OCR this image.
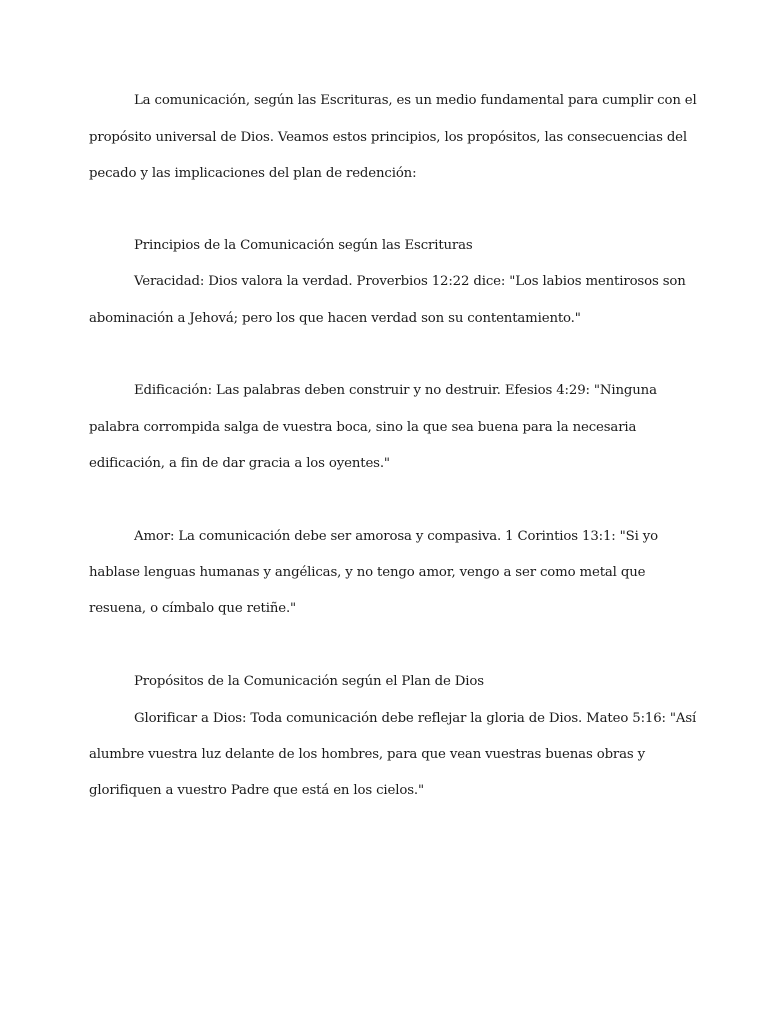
La comunicación, según las Escrituras, es un medio fundamental para cumplir con el
propósito universal de Dios. Veamos estos principios, los propósitos, las consecuencias del
pecado y las implicaciones del plan de redención:
Principios de la Comunicación según las Escrituras
Veracidad: Dios valora la verdad. Proverbios 12:22 dice: "Los labios mentirosos son
abominación a Jehová; pero los que hacen verdad son su contentamiento."
Edificación: Las palabras deben construir y no destruir. Efesios 4:29: "Ninguna
palabra corrompida salga de vuestra boca, sino la que sea buena para la necesaria
edificación, a fin de dar gracia a los oyentes."
Amor: La comunicación debe ser amorosa y compasiva. 1 Corintios 13:1: "Si yo
hablase lenguas humanas y angélicas, y no tengo amor, vengo a ser como metal que
resuena, o címbalo que retiñe."
Propósitos de la Comunicación según el Plan de Dios
Glorificar a Dios: Toda comunicación debe reflejar la gloria de Dios. Mateo 5:16: "Así
alumbre vuestra luz delante de los hombres, para que vean vuestras buenas obras y
glorifiquen a vuestro Padre que está en los cielos."
